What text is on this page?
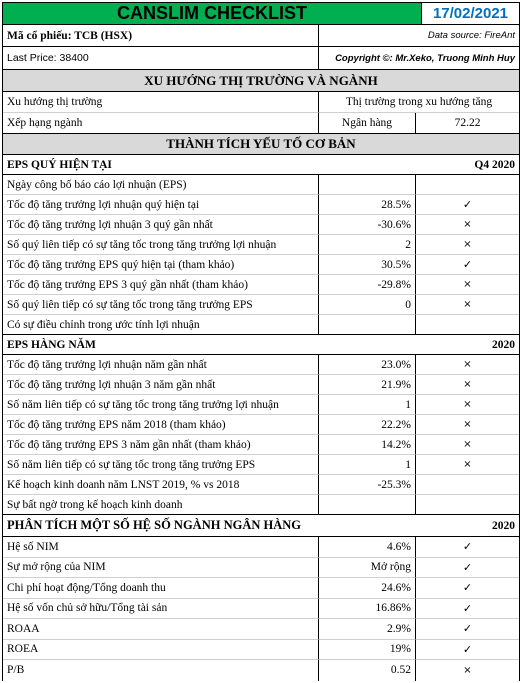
CANSLIM CHECKLIST	17/02/2021
Mã cổ phiếu: TCB (HSX)	Data source: FireAnt
Last Price: 38400	Copyright ©: Mr.Xeko, Truong Minh Huy
XU HƯỚNG THỊ TRƯỜNG VÀ NGÀNH
Xu hướng thị trường	Thị trường trong xu hướng tăng
Xếp hạng ngành	Ngân hàng	72.22
THÀNH TÍCH YẾU TỐ CƠ BẢN
EPS QUÝ HIỆN TẠI	Q4 2020
Ngày công bố báo cáo lợi nhuận (EPS)
Tốc độ tăng trưởng lợi nhuận quý hiện tại	28.5%	✓
Tốc độ tăng trưởng lợi nhuận 3 quý gần nhất	-30.6%	×
Số quý liên tiếp có sự tăng tốc trong tăng trưởng lợi nhuận	2	×
Tốc độ tăng trưởng EPS quý hiện tại (tham khảo)	30.5%	✓
Tốc độ tăng trưởng EPS 3 quý gần nhất (tham khảo)	-29.8%	×
Số quý liên tiếp có sự tăng tốc trong tăng trưởng EPS	0	×
Có sự điều chỉnh trong ước tính lợi nhuận
EPS HÀNG NĂM	2020
Tốc độ tăng trưởng lợi nhuận năm gần nhất	23.0%	×
Tốc độ tăng trưởng lợi nhuận 3 năm gần nhất	21.9%	×
Số năm liên tiếp có sự tăng tốc trong tăng trưởng lợi nhuận	1	×
Tốc độ tăng trưởng EPS năm 2018 (tham khảo)	22.2%	×
Tốc độ tăng trưởng EPS 3 năm gần nhất (tham khảo)	14.2%	×
Số năm liên tiếp có sự tăng tốc trong tăng trưởng EPS	1	×
Kế hoạch kinh doanh năm LNST 2019, % vs 2018	-25.3%
Sự bất ngờ trong kế hoạch kinh doanh
PHÂN TÍCH MỘT SỐ HỆ SỐ NGÀNH NGÂN HÀNG	2020
Hệ số NIM	4.6%	✓
Sự mở rộng của NIM	Mở rộng	✓
Chi phí hoạt động/Tổng doanh thu	24.6%	✓
Hệ số vốn chủ sở hữu/Tổng tài sản	16.86%	✓
ROAA	2.9%	✓
ROEA	19%	✓
P/B	0.52	×
